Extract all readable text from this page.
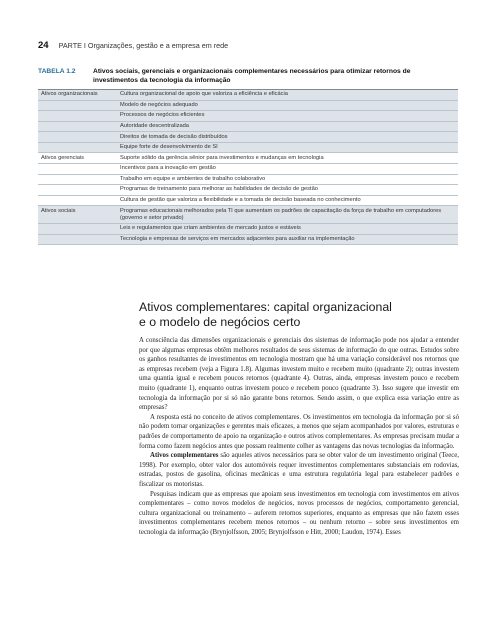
24 PARTE I Organizações, gestão e a empresa em rede
TABELA 1.2	Ativos sociais, gerenciais e organizacionais complementares necessários para otimizar retornos de investimentos da tecnologia da informação
Ativos organizacionais	Cultura organizacional de apoio que valoriza a eficiência e eficácia
	Modelo de negócios adequado
	Processos de negócios eficientes
	Autoridade descentralizada
	Direitos de tomada de decisão distribuídos
	Equipe forte de desenvolvimento de SI
Ativos gerenciais	Suporte sólido da gerência sênior para investimentos e mudanças em tecnologia
	Incentivos para a inovação em gestão
	Trabalho em equipe e ambientes de trabalho colaborativo
	Programas de treinamento para melhorar as habilidades de decisão de gestão
	Cultura de gestão que valoriza a flexibilidade e a tomada de decisão baseada no conhecimento
Ativos sociais	Programas educacionais melhorados pela TI que aumentam os padrões de capacitação da força de trabalho em computadores (governo e setor privado)
	Leis e regulamentos que criam ambientes de mercado justos e estáveis
	Tecnologia e empresas de serviços em mercados adjacentes para auxiliar na implementação
Ativos complementares: capital organizacional
e o modelo de negócios certo

A consciência das dimensões organizacionais e gerenciais dos sistemas de informação pode nos ajudar a entender por que algumas empresas obtêm melhores resultados de seus sistemas de informação do que outras. Estudos sobre os ganhos resultantes de investimentos em tecnologia mostram que há uma variação considerável nos retornos que as empresas recebem (veja a Figura 1.8). Algumas investem muito e recebem muito (quadrante 2); outras investem uma quantia igual e recebem poucos retornos (quadrante 4). Outras, ainda, empresas investem pouco e recebem muito (quadrante 1), enquanto outras investem pouco e recebem pouco (quadrante 3). Isso sugere que investir em tecnologia da informação por si só não garante bons retornos. Sendo assim, o que explica essa variação entre as empresas?

A resposta está no conceito de ativos complementares. Os investimentos em tecnologia da informação por si só não podem tornar organizações e gerentes mais eficazes, a menos que sejam acompanhados por valores, estruturas e padrões de comportamento de apoio na organização e outros ativos complementares. As empresas precisam mudar a forma como fazem negócios antes que possam realmente colher as vantagens das novas tecnologias da informação.

Ativos complementares são aqueles ativos necessários para se obter valor de um investimento original (Teece, 1998). Por exemplo, obter valor dos automóveis requer investimentos complementares substanciais em rodovias, estradas, postos de gasolina, oficinas mecânicas e uma estrutura regulatória legal para estabelecer padrões e fiscalizar os motoristas.

Pesquisas indicam que as empresas que apoiam seus investimentos em tecnologia com investimentos em ativos complementares – como novos modelos de negócios, novos processos de negócios, comportamento gerencial, cultura organizacional ou treinamento – auferem retornos superiores, enquanto as empresas que não fazem esses investimentos complementares recebem menos retornos – ou nenhum retorno – sobre seus investimentos em tecnologia da informação (Brynjolfsson, 2005; Brynjolfsson e Hitt, 2000; Laudon, 1974). Esses
